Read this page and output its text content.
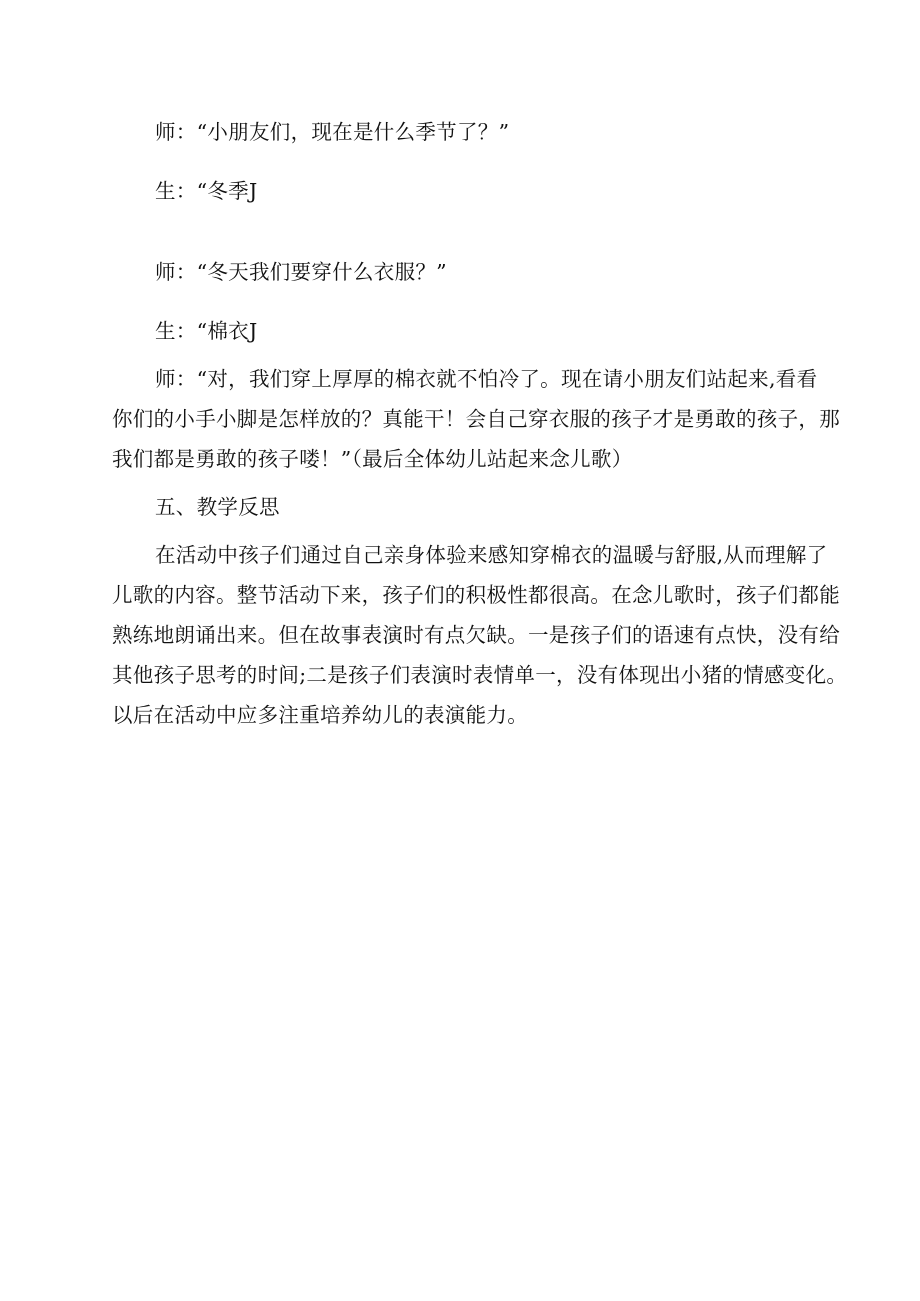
师：“小朋友们，现在是什么季节了？”
生：“冬季J
师：“冬天我们要穿什么衣服？”
生：“棉衣J
师：“对，我们穿上厚厚的棉衣就不怕冷了。现在请小朋友们站起来,看看
你们的小手小脚是怎样放的？真能干！会自己穿衣服的孩子才是勇敢的孩子，那
我们都是勇敢的孩子喽！”（最后全体幼儿站起来念儿歌）
五、教学反思
在活动中孩子们通过自己亲身体验来感知穿棉衣的温暖与舒服,从而理解了
儿歌的内容。整节活动下来，孩子们的积极性都很高。在念儿歌时，孩子们都能
熟练地朗诵出来。但在故事表演时有点欠缺。一是孩子们的语速有点快，没有给
其他孩子思考的时间;二是孩子们表演时表情单一，没有体现出小猪的情感变化。
以后在活动中应多注重培养幼儿的表演能力。
